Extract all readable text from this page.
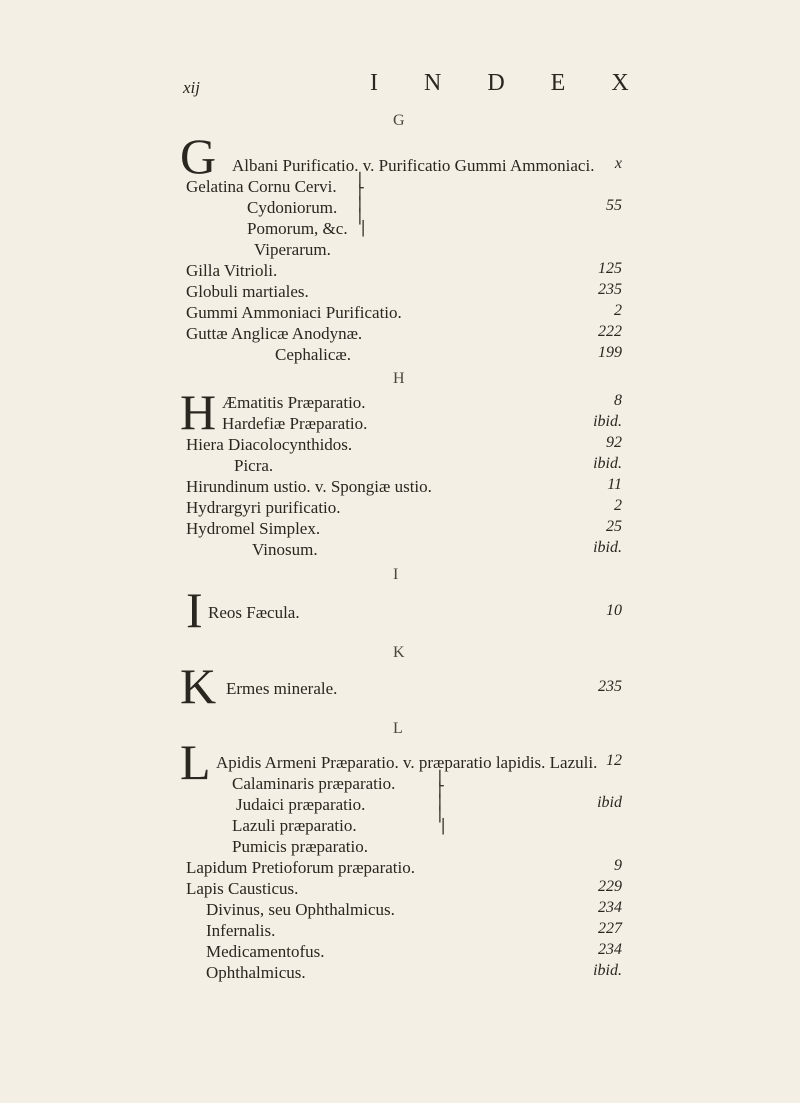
xij	I N D E X
G
G Albani Purificatio. v. Purificatio Gummi Ammoniaci. x
Gelatina Cornu Cervi.
Cydoniorum.	55
Pomorum, &c.
Viperarum.
⎣
⎢
⎢
⎢
⎥
Gilla Vitrioli.	125
Globuli martiales.	235
Gummi Ammoniaci Purificatio.	2
Guttæ Anglicæ Anodynæ.	222
Cephalicæ.	199
H
H Æmatitis Præparatio.	8
Hardefiæ Præparatio.	ibid.
Hiera Diacolocynthidos.	92
Picra.	ibid.
Hirundinum ustio. v. Spongiæ ustio.	11
Hydrargyri purificatio.	2
Hydromel Simplex.	25
Vinosum.	ibid.
I
I Reos Fæcula.	10
K
K Ermes minerale.	235
L
L Apidis Armeni Præparatio. v. præparatio lapidis. Lazuli. 12
Calaminaris præparatio.
Judaici præparatio.	ibid
Lazuli præparatio.
Pumicis præparatio.
⎣
⎢
⎢
⎢
⎥
Lapidum Pretioforum præparatio.	9
Lapis Causticus.	229
Divinus, seu Ophthalmicus.	234
Infernalis.	227
Medicamentofus.	234
Ophthalmicus.	ibid.
